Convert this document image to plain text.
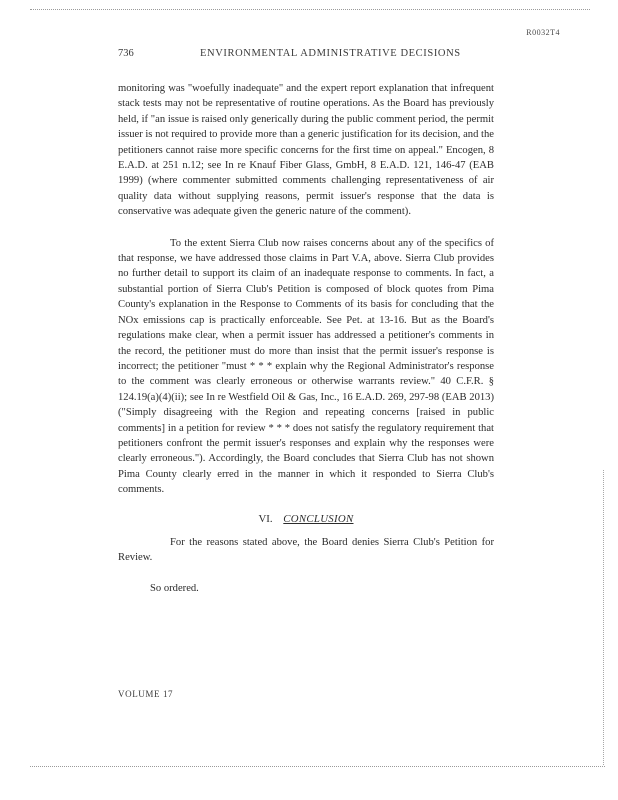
R0032T4
736	ENVIRONMENTAL ADMINISTRATIVE DECISIONS

monitoring was "woefully inadequate" and the expert report explanation that infrequent stack tests may not be representative of routine operations. As the Board has previously held, if "an issue is raised only generically during the public comment period, the permit issuer is not required to provide more than a generic justification for its decision, and the petitioners cannot raise more specific concerns for the first time on appeal." Encogen, 8 E.A.D. at 251 n.12; see In re Knauf Fiber Glass, GmbH, 8 E.A.D. 121, 146-47 (EAB 1999) (where commenter submitted comments challenging representativeness of air quality data without supplying reasons, permit issuer's response that the data is conservative was adequate given the generic nature of the comment).

To the extent Sierra Club now raises concerns about any of the specifics of that response, we have addressed those claims in Part V.A, above. Sierra Club provides no further detail to support its claim of an inadequate response to comments. In fact, a substantial portion of Sierra Club's Petition is composed of block quotes from Pima County's explanation in the Response to Comments of its basis for concluding that the NOx emissions cap is practically enforceable. See Pet. at 13-16. But as the Board's regulations make clear, when a permit issuer has addressed a petitioner's comments in the record, the petitioner must do more than insist that the permit issuer's response is incorrect; the petitioner "must * * * explain why the Regional Administrator's response to the comment was clearly erroneous or otherwise warrants review." 40 C.F.R. § 124.19(a)(4)(ii); see In re Westfield Oil & Gas, Inc., 16 E.A.D. 269, 297-98 (EAB 2013) ("Simply disagreeing with the Region and repeating concerns [raised in public comments] in a petition for review * * * does not satisfy the regulatory requirement that petitioners confront the permit issuer's responses and explain why the responses were clearly erroneous."). Accordingly, the Board concludes that Sierra Club has not shown Pima County clearly erred in the manner in which it responded to Sierra Club's comments.

VI. CONCLUSION

For the reasons stated above, the Board denies Sierra Club's Petition for Review.

So ordered.

VOLUME 17
